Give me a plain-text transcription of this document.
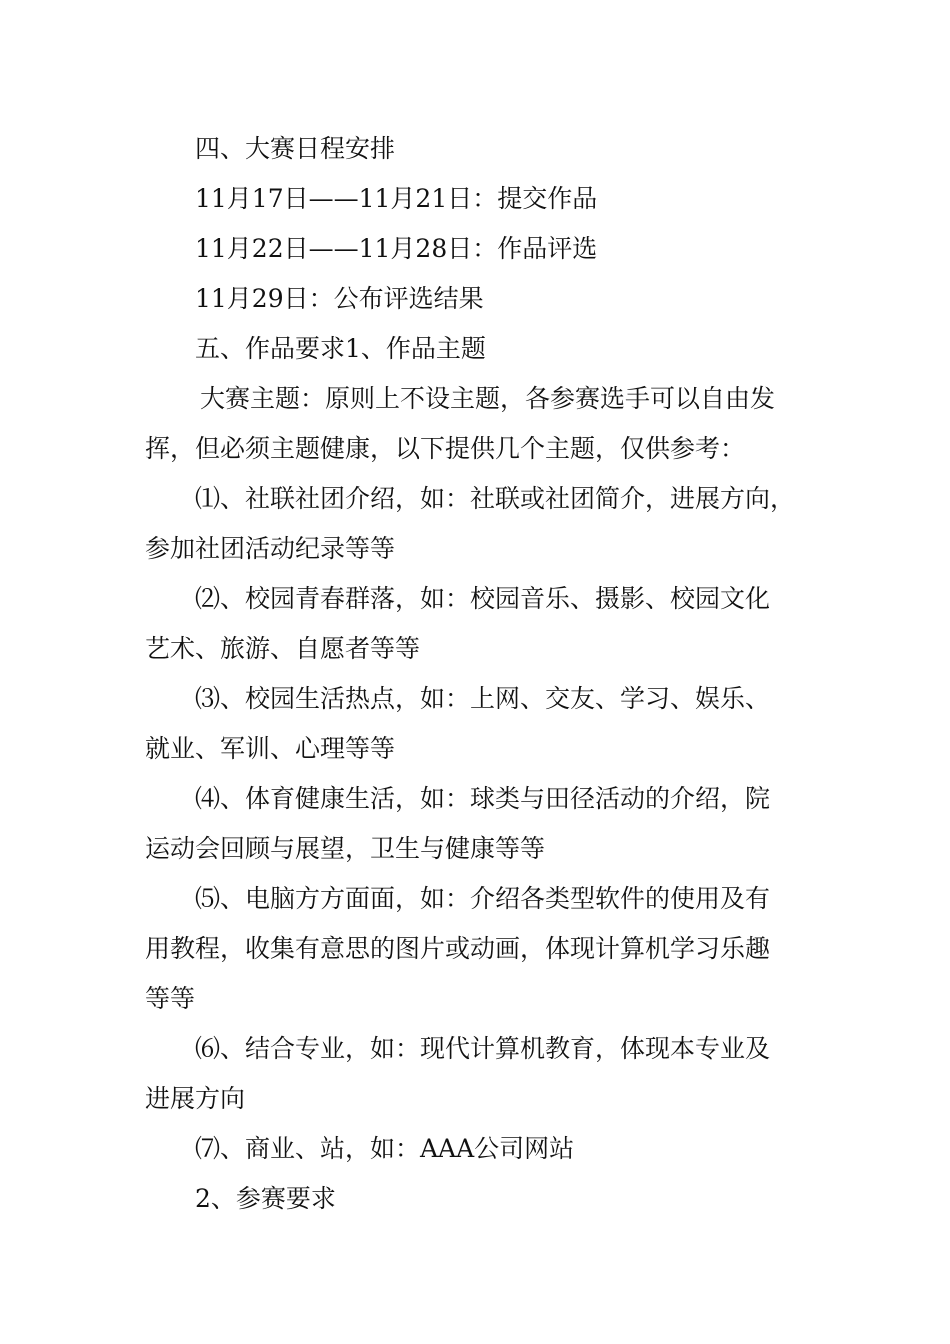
四、大赛日程安排
11月17日——11月21日：提交作品
11月22日——11月28日：作品评选
11月29日：公布评选结果
五、作品要求1、作品主题
大赛主题：原则上不设主题，各参赛选手可以自由发
挥，但必须主题健康，以下提供几个主题，仅供参考：
⑴、社联社团介绍，如：社联或社团简介，进展方向，
参加社团活动纪录等等
⑵、校园青春群落，如：校园音乐、摄影、校园文化
艺术、旅游、自愿者等等
⑶、校园生活热点，如：上网、交友、学习、娱乐、
就业、军训、心理等等
⑷、体育健康生活，如：球类与田径活动的介绍，院
运动会回顾与展望，卫生与健康等等
⑸、电脑方方面面，如：介绍各类型软件的使用及有
用教程，收集有意思的图片或动画，体现计算机学习乐趣
等等
⑹、结合专业，如：现代计算机教育，体现本专业及
进展方向
⑺、商业、站，如：AAA公司网站
2、参赛要求
